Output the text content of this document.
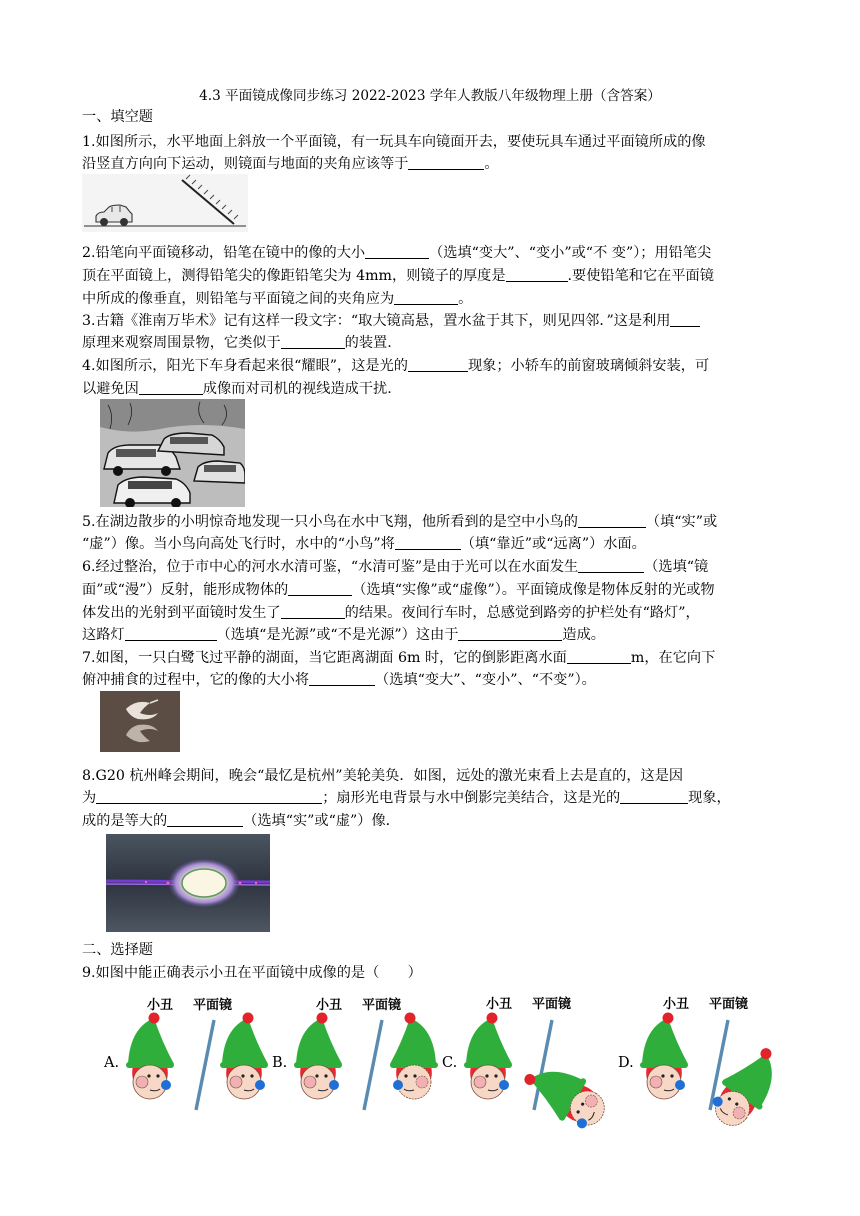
4.3 平面镜成像同步练习 2022-2023 学年人教版八年级物理上册（含答案）
一、填空题
1.如图所示，水平地面上斜放一个平面镜，有一玩具车向镜面开去，要使玩具车通过平面镜所成的像
沿竖直方向向下运动，则镜面与地面的夹角应该等于	。
2.铅笔向平面镜移动，铅笔在镜中的像的大小	（选填“变大”、“变小”或“不 变”）；用铅笔尖
顶在平面镜上，测得铅笔尖的像距铅笔尖为 4mm，则镜子的厚度是	.要使铅笔和它在平面镜
中所成的像垂直，则铅笔与平面镜之间的夹角应为	。
3.古籍《淮南万毕术》记有这样一段文字：“取大镜高悬，置水盆于其下，则见四邻．”这是利用
原理来观察周围景物，它类似于	的装置.
4.如图所示，阳光下车身看起来很“耀眼”，这是光的	现象；小轿车的前窗玻璃倾斜安装，可
以避免因	成像而对司机的视线造成干扰.
5.在湖边散步的小明惊奇地发现一只小鸟在水中飞翔，他所看到的是空中小鸟的	（填“实”或
“虚”）像。当小鸟向高处飞行时，水中的“小鸟”将	（填“靠近”或“远离”）水面。
6.经过整治，位于市中心的河水水清可鉴，“水清可鉴”是由于光可以在水面发生	（选填“镜
面”或“漫”）反射，能形成物体的	（选填“实像”或“虚像”）。平面镜成像是物体反射的光或物
体发出的光射到平面镜时发生了	的结果。夜间行车时，总感觉到路旁的护栏处有“路灯”，
这路灯	（选填“是光源”或“不是光源”）这由于	造成。
7.如图，一只白鹭飞过平静的湖面，当它距离湖面 6m 时，它的倒影距离水面	m，在它向下
俯冲捕食的过程中，它的像的大小将	（选填“变大”、“变小”、“不变”）。
8.G20 杭州峰会期间，晚会“最忆是杭州”美轮美奂．如图，远处的激光束看上去是直的，这是因
为	；扇形光电背景与水中倒影完美结合，这是光的	现象，
成的是等大的	（选填“实”或“虚”）像．
二、选择题
9.如图中能正确表示小丑在平面镜中成像的是（　　）
小丑 平面镜	小丑 平面镜	小丑 平面镜	小丑 平面镜
A.	B.	C.	D.
